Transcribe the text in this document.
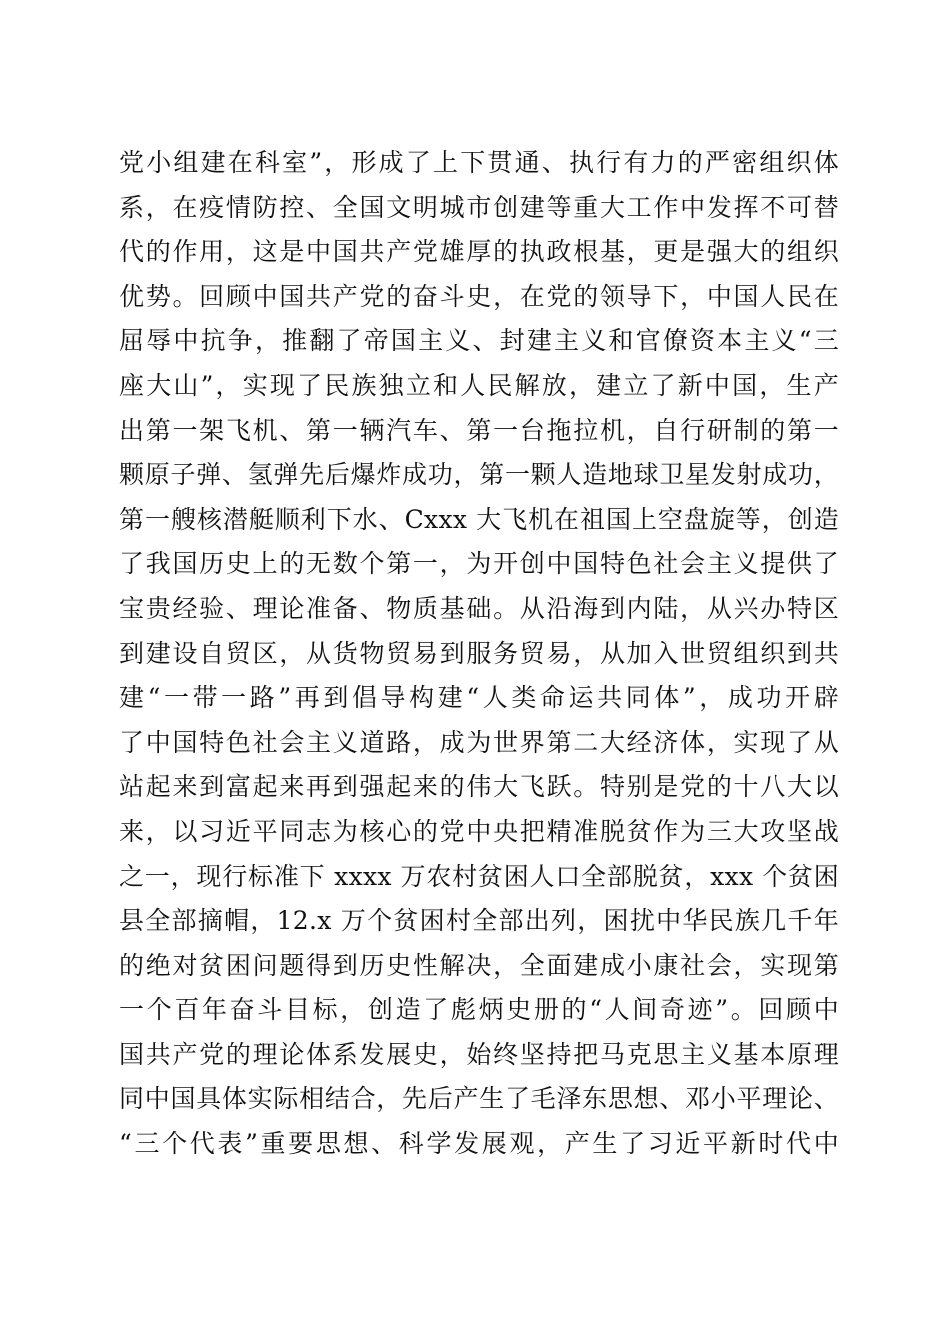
党小组建在科室”，形成了上下贯通、执行有力的严密组织体
系，在疫情防控、全国文明城市创建等重大工作中发挥不可替
代的作用，这是中国共产党雄厚的执政根基，更是强大的组织
优势。回顾中国共产党的奋斗史，在党的领导下，中国人民在
屈辱中抗争，推翻了帝国主义、封建主义和官僚资本主义“三
座大山”，实现了民族独立和人民解放，建立了新中国，生产
出第一架飞机、第一辆汽车、第一台拖拉机，自行研制的第一
颗原子弹、氢弹先后爆炸成功，第一颗人造地球卫星发射成功，
第一艘核潜艇顺利下水、Cxxx 大飞机在祖国上空盘旋等，创造
了我国历史上的无数个第一，为开创中国特色社会主义提供了
宝贵经验、理论准备、物质基础。从沿海到内陆，从兴办特区
到建设自贸区，从货物贸易到服务贸易，从加入世贸组织到共
建“一带一路”再到倡导构建“人类命运共同体”，成功开辟
了中国特色社会主义道路，成为世界第二大经济体，实现了从
站起来到富起来再到强起来的伟大飞跃。特别是党的十八大以
来，以习近平同志为核心的党中央把精准脱贫作为三大攻坚战
之一，现行标准下 xxxx 万农村贫困人口全部脱贫，xxx 个贫困
县全部摘帽，12.x 万个贫困村全部出列，困扰中华民族几千年
的绝对贫困问题得到历史性解决，全面建成小康社会，实现第
一个百年奋斗目标，创造了彪炳史册的“人间奇迹”。回顾中
国共产党的理论体系发展史，始终坚持把马克思主义基本原理
同中国具体实际相结合，先后产生了毛泽东思想、邓小平理论、
“三个代表”重要思想、科学发展观，产生了习近平新时代中
